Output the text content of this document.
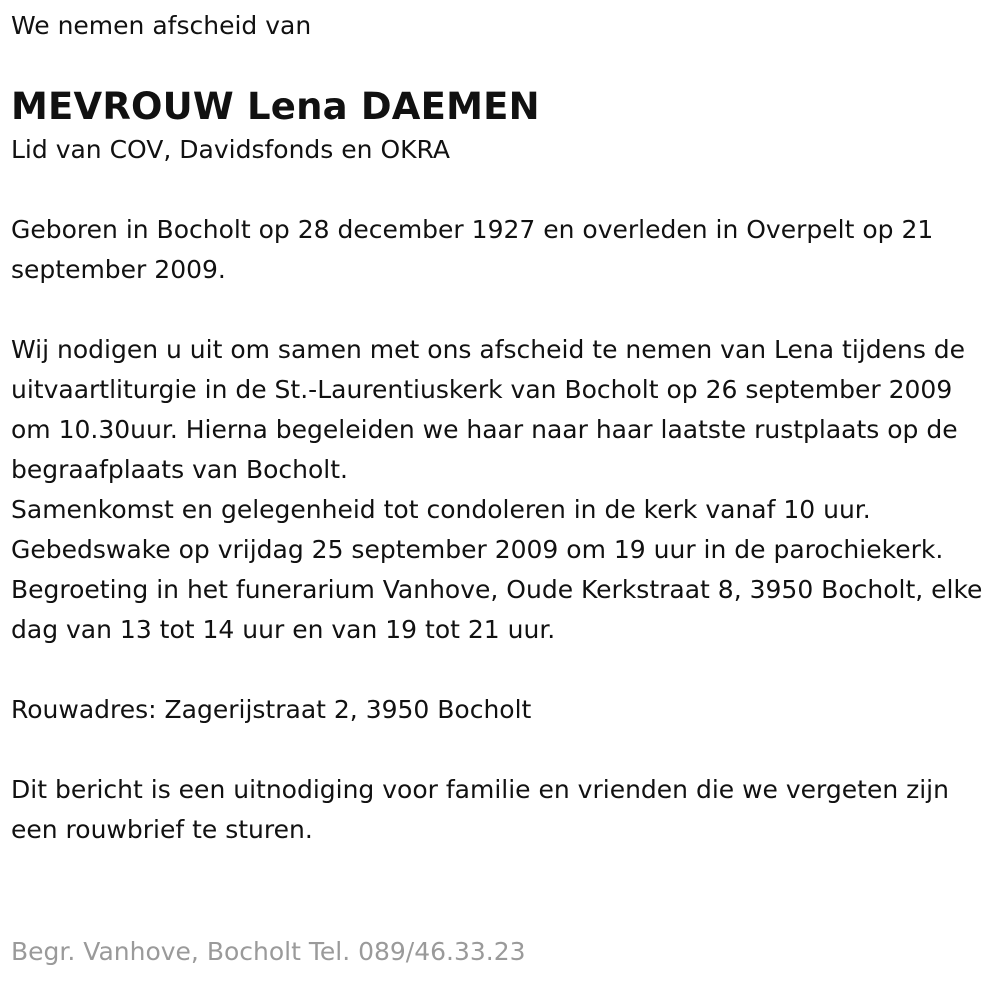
We nemen afscheid van

MEVROUW Lena DAEMEN

Lid van COV, Davidsfonds en OKRA

Geboren in Bocholt op 28 december 1927 en overleden in Overpelt op 21 september 2009.

Wij nodigen u uit om samen met ons afscheid te nemen van Lena tijdens de uitvaartliturgie in de St.-Laurentiuskerk van Bocholt op 26 september 2009 om 10.30uur. Hierna begeleiden we haar naar haar laatste rustplaats op de begraafplaats van Bocholt.

Samenkomst en gelegenheid tot condoleren in de kerk vanaf 10 uur.

Gebedswake op vrijdag 25 september 2009 om 19 uur in de parochiekerk.

Begroeting in het funerarium Vanhove, Oude Kerkstraat 8, 3950 Bocholt, elke dag van 13 tot 14 uur en van 19 tot 21 uur.

Rouwadres: Zagerijstraat 2, 3950 Bocholt

Dit bericht is een uitnodiging voor familie en vrienden die we vergeten zijn een rouwbrief te sturen.

Begr. Vanhove, Bocholt Tel. 089/46.33.23
